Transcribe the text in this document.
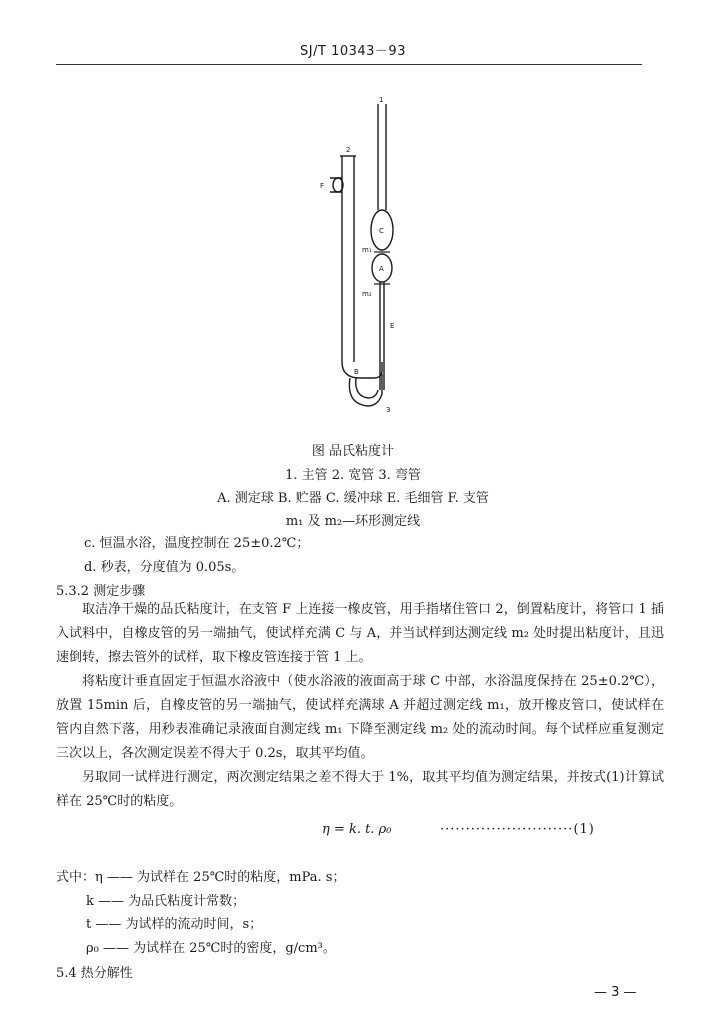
SJ/T 10343－93
1
2
3
F
C
A
B
E
m₁
m₂
图 品氏粘度计
1. 主管 2. 宽管 3. 弯管
A. 测定球 B. 贮器 C. 缓冲球 E. 毛细管 F. 支管
m₁ 及 m₂—环形测定线
c. 恒温水浴，温度控制在 25±0.2℃；
d. 秒表，分度值为 0.05s。
5.3.2 测定步骤
取洁净干燥的品氏粘度计，在支管 F 上连接一橡皮管，用手指堵住管口 2，倒置粘度计，将管口 1 插入试料中，自橡皮管的另一端抽气，使试样充满 C 与 A，并当试样到达测定线 m₂ 处时提出粘度计，且迅速倒转，擦去管外的试样，取下橡皮管连接于管 1 上。
将粘度计垂直固定于恒温水浴液中（使水浴液的液面高于球 C 中部，水浴温度保持在 25±0.2℃），放置 15min 后，自橡皮管的另一端抽气，使试样充满球 A 并超过测定线 m₁，放开橡皮管口，使试样在管内自然下落，用秒表准确记录液面自测定线 m₁ 下降至测定线 m₂ 处的流动时间。每个试样应重复测定三次以上，各次测定误差不得大于 0.2s，取其平均值。
另取同一试样进行测定，两次测定结果之差不得大于 1%，取其平均值为测定结果，并按式(1)计算试样在 25℃时的粘度。
η = k. t. ρ₀	··························(1)
式中：η —— 为试样在 25℃时的粘度，mPa. s；
k —— 为品氏粘度计常数；
t —— 为试样的流动时间，s；
ρ₀ —— 为试样在 25℃时的密度，g/cm³。
5.4 热分解性
— 3 —
